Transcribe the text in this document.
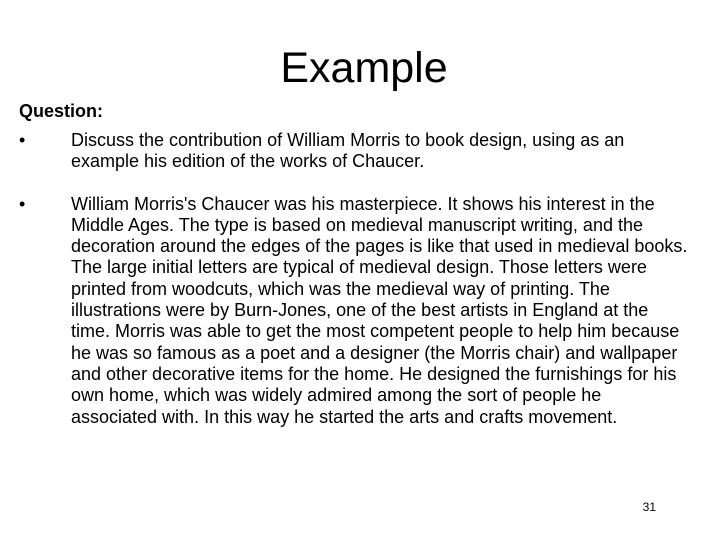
Example
Question:
•	Discuss the contribution of William Morris to book design, using as an example his edition of the works of Chaucer.
•	William Morris's Chaucer was his masterpiece. It shows his interest in the Middle Ages. The type is based on medieval manuscript writing, and the decoration around the edges of the pages is like that used in medieval books. The large initial letters are typical of medieval design. Those letters were printed from woodcuts, which was the medieval way of printing. The illustrations were by Burn-Jones, one of the best artists in England at the time. Morris was able to get the most competent people to help him because he was so famous as a poet and a designer (the Morris chair) and wallpaper and other decorative items for the home. He designed the furnishings for his own home, which was widely admired among the sort of people he associated with. In this way he started the arts and crafts movement.
31
